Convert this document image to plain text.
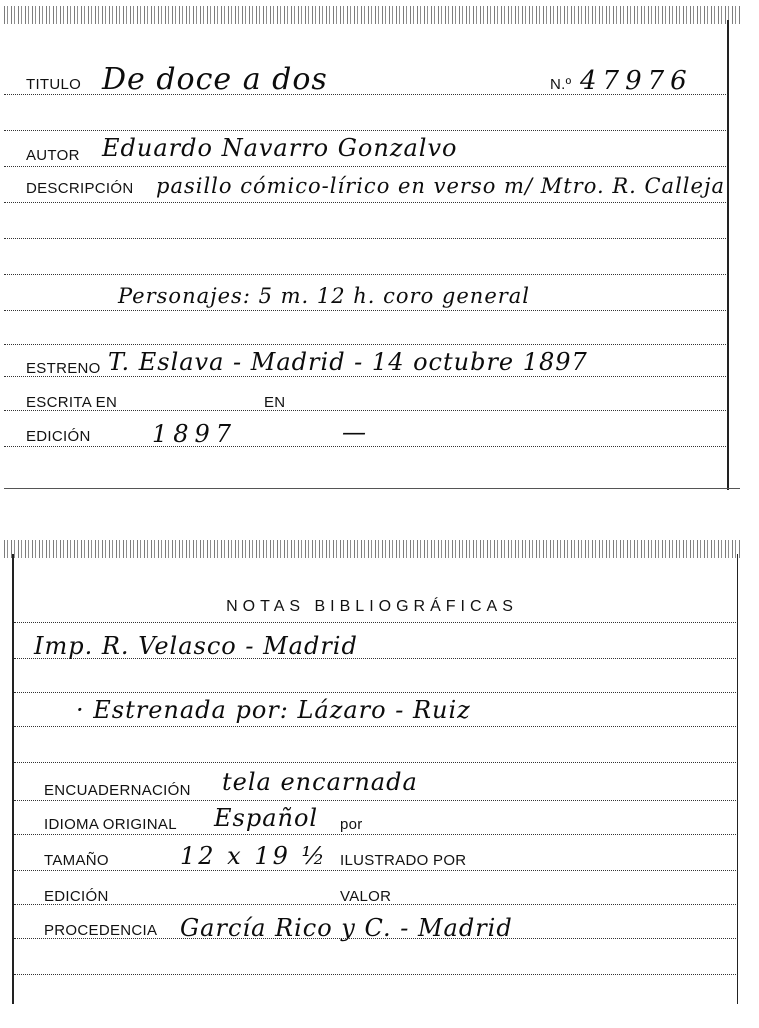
TITULO De doce a dos	N.º 47976
AUTOR Eduardo Navarro Gonzalvo
DESCRIPCIÓN pasillo cómico-lírico en verso m/ Mtro. R. Calleja
Personajes: 5 m. 12 h. coro general
ESTRENO T. Eslava - Madrid - 14 octubre 1897
ESCRITA EN	EN
EDICIÓN	1897	—
NOTAS BIBLIOGRÁFICAS
Imp. R. Velasco - Madrid
· Estrenada por: Lázaro - Ruiz
ENCUADERNACIÓN tela encarnada
IDIOMA ORIGINAL Español por
TAMAÑO	12 x 19 ½ ILUSTRADO POR
EDICIÓN	VALOR
PROCEDENCIA García Rico y C. - Madrid
